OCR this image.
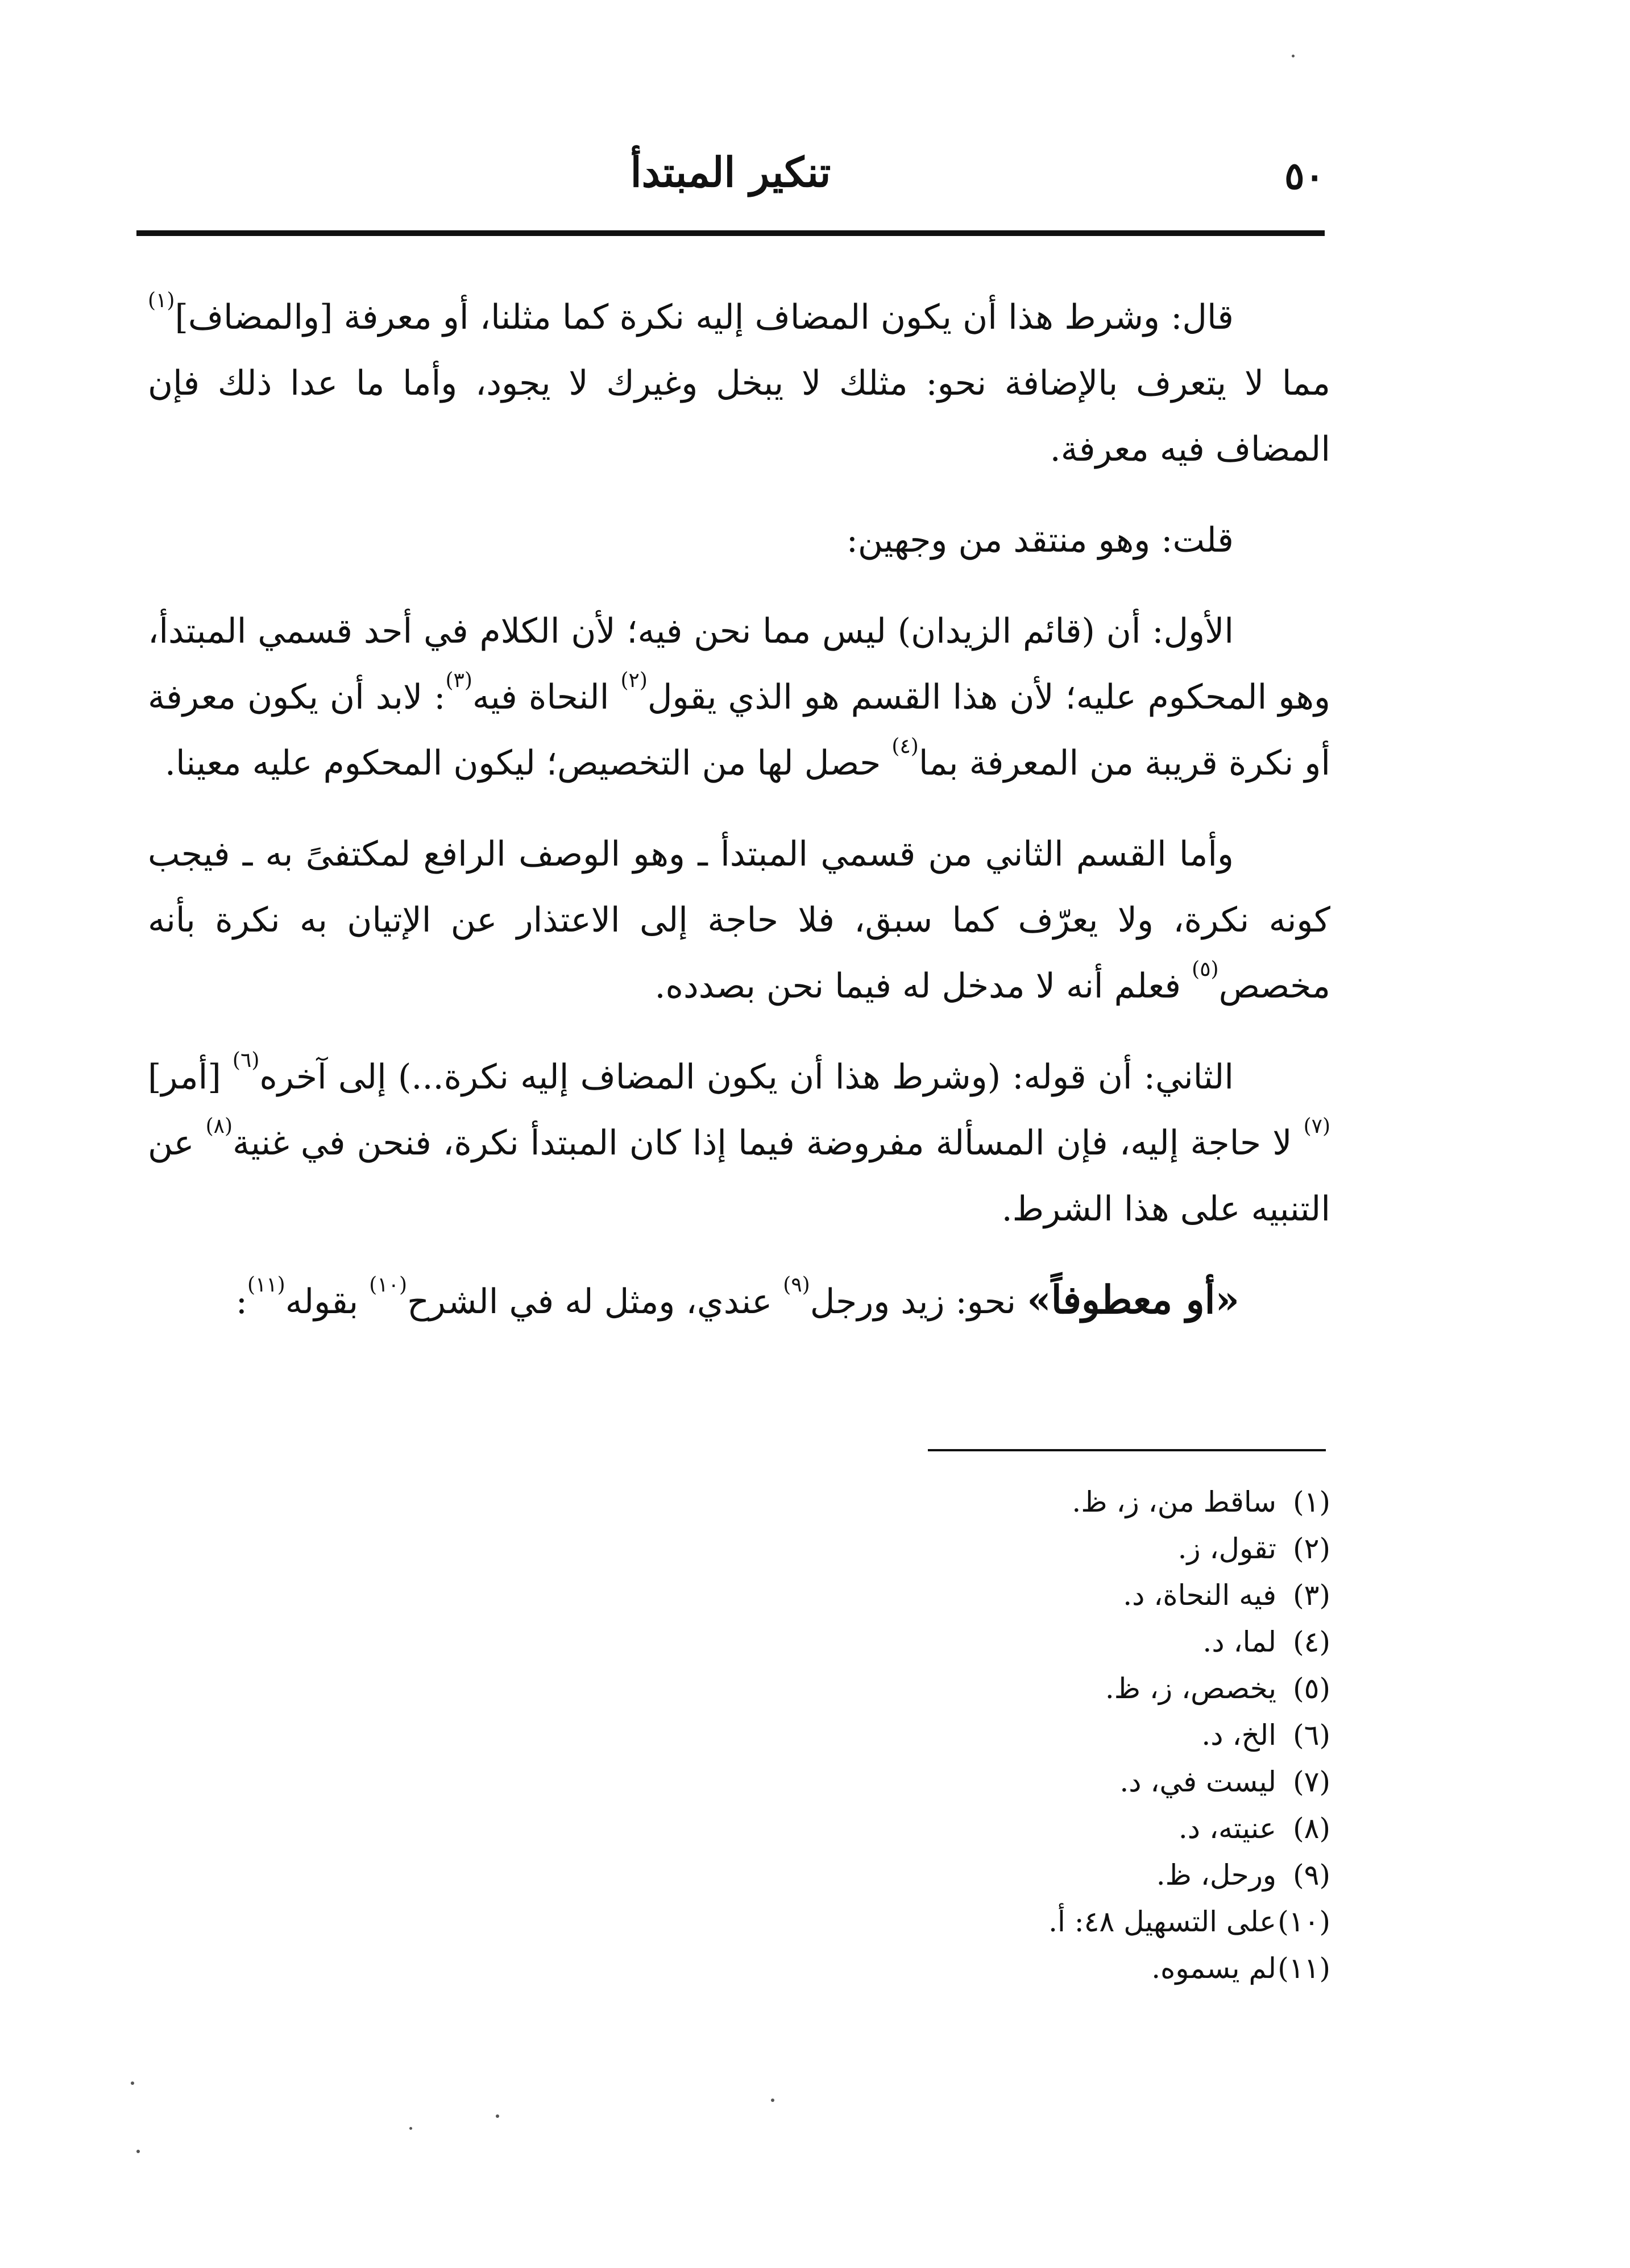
تنكير المبتدأ	٥٠

قال: وشرط هذا أن يكون المضاف إليه نكرة كما مثلنا، أو معرفة [والمضاف]$^{(١)}$ مما لا يتعرف بالإضافة نحو: مثلك لا يبخل وغيرك لا يجود، وأما ما عدا ذلك فإن المضاف فيه معرفة.

قلت: وهو منتقد من وجهين:

الأول: أن (قائم الزيدان) ليس مما نحن فيه؛ لأن الكلام في أحد قسمي المبتدأ، وهو المحكوم عليه؛ لأن هذا القسم هو الذي يقول$^{(٢)}$ النحاة فيه$^{(٣)}$: لابد أن يكون معرفة أو نكرة قريبة من المعرفة بما$^{(٤)}$ حصل لها من التخصيص؛ ليكون المحكوم عليه معينا.

وأما القسم الثاني من قسمي المبتدأ ـ وهو الوصف الرافع لمكتفىً به ـ فيجب كونه نكرة، ولا يعرّف كما سبق، فلا حاجة إلى الاعتذار عن الإتيان به نكرة بأنه مخصص$^{(٥)}$ فعلم أنه لا مدخل له فيما نحن بصدده.

الثاني: أن قوله: (وشرط هذا أن يكون المضاف إليه نكرة...) إلى آخره$^{(٦)}$ [أمر]$^{(٧)}$ لا حاجة إليه، فإن المسألة مفروضة فيما إذا كان المبتدأ نكرة، فنحن في غنية$^{(٨)}$ عن التنبيه على هذا الشرط.

«أو معطوفاً» نحو: زيد ورجل$^{(٩)}$ عندي، ومثل له في الشرح$^{(١٠)}$ بقوله$^{(١١)}$:

(١)ساقط من، ز، ظ.
(٢)تقول، ز.
(٣)فيه النحاة، د.
(٤)لما، د.
(٥)يخصص، ز، ظ.
(٦)الخ، د.
(٧)ليست في، د.
(٨)عنيته، د.
(٩)ورحل، ظ.
(١٠)على التسهيل ٤٨: أ.
(١١)لم يسموه.
